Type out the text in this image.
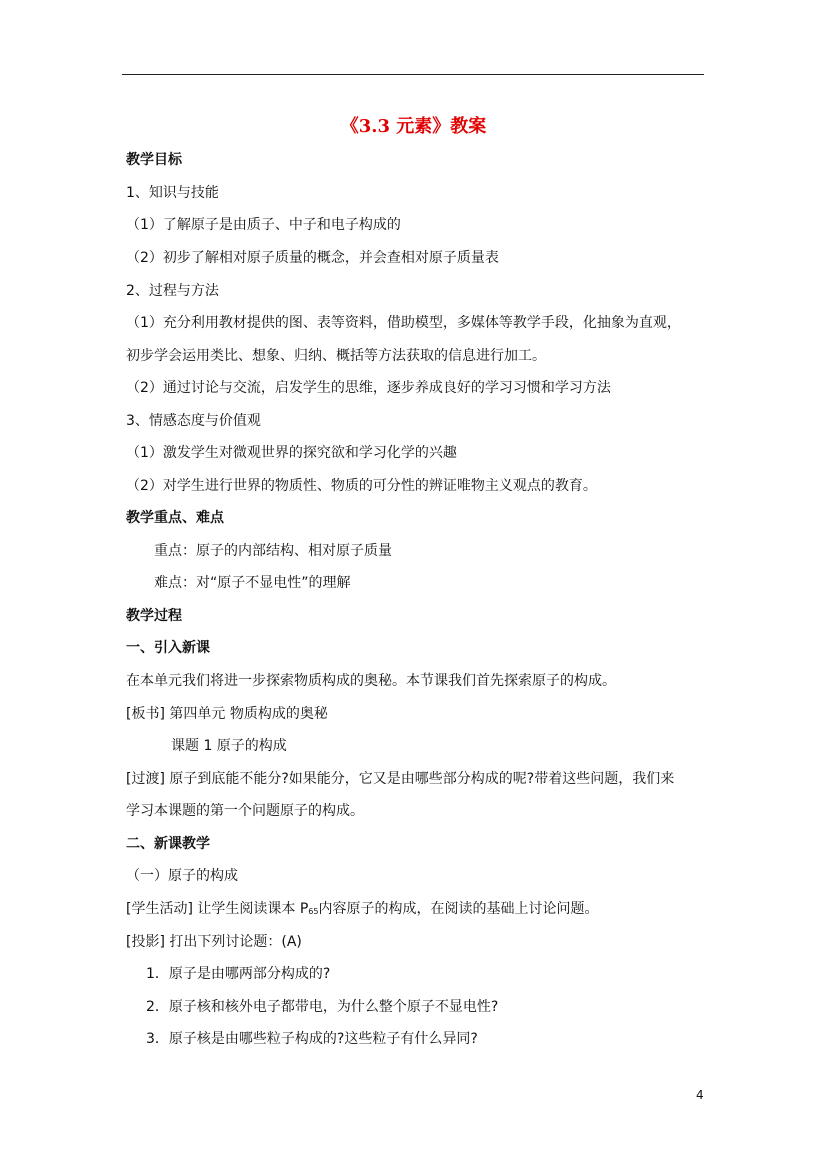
《3.3 元素》教案
教学目标
1、知识与技能
（1）了解原子是由质子、中子和电子构成的
（2）初步了解相对原子质量的概念，并会查相对原子质量表
2、过程与方法
（1）充分利用教材提供的图、表等资料，借助模型，多媒体等教学手段，化抽象为直观，
初步学会运用类比、想象、归纳、概括等方法获取的信息进行加工。
（2）通过讨论与交流，启发学生的思维，逐步养成良好的学习习惯和学习方法
3、情感态度与价值观
（1）激发学生对微观世界的探究欲和学习化学的兴趣
（2）对学生进行世界的物质性、物质的可分性的辨证唯物主义观点的教育。
教学重点、难点
重点：原子的内部结构、相对原子质量
难点：对“原子不显电性”的理解
教学过程
一、引入新课
在本单元我们将进一步探索物质构成的奥秘。本节课我们首先探索原子的构成。
[板书] 第四单元 物质构成的奥秘
课题 1 原子的构成
[过渡] 原子到底能不能分?如果能分，它又是由哪些部分构成的呢?带着这些问题，我们来
学习本课题的第一个问题原子的构成。
二、新课教学
（一）原子的构成
[学生活动] 让学生阅读课本 P65内容原子的构成，在阅读的基础上讨论问题。
[投影] 打出下列讨论题：(A)
1．原子是由哪两部分构成的?
2．原子核和核外电子都带电，为什么整个原子不显电性?
3．原子核是由哪些粒子构成的?这些粒子有什么异同?
4
